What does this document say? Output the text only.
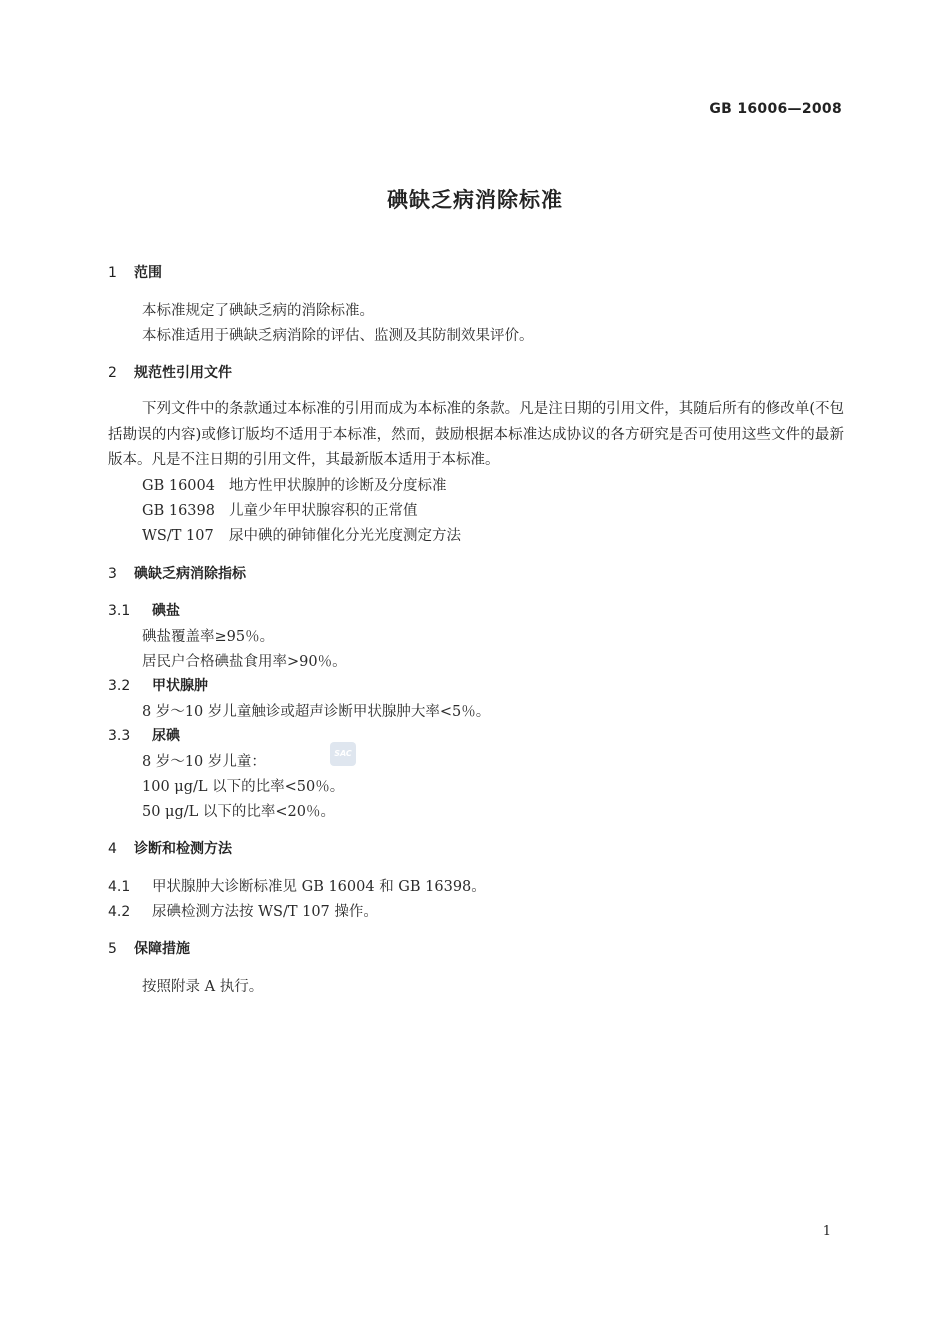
GB 16006—2008
碘缺乏病消除标准
1 范围
本标准规定了碘缺乏病的消除标准。
本标准适用于碘缺乏病消除的评估、监测及其防制效果评价。
2 规范性引用文件
下列文件中的条款通过本标准的引用而成为本标准的条款。凡是注日期的引用文件，其随后所有的修改单(不包括勘误的内容)或修订版均不适用于本标准，然而，鼓励根据本标准达成协议的各方研究是否可使用这些文件的最新版本。凡是不注日期的引用文件，其最新版本适用于本标准。
GB 16004 地方性甲状腺肿的诊断及分度标准
GB 16398 儿童少年甲状腺容积的正常值
WS/T 107 尿中碘的砷铈催化分光光度测定方法
3 碘缺乏病消除指标
3.1 碘盐
碘盐覆盖率≥95％。
居民户合格碘盐食用率>90％。
3.2 甲状腺肿
8 岁～10 岁儿童触诊或超声诊断甲状腺肿大率<5％。
3.3 尿碘
8 岁～10 岁儿童：
SAC
100 μg/L 以下的比率<50％。
50 μg/L 以下的比率<20％。
4 诊断和检测方法
4.1 甲状腺肿大诊断标准见 GB 16004 和 GB 16398。
4.2 尿碘检测方法按 WS/T 107 操作。
5 保障措施
按照附录 A 执行。
1
